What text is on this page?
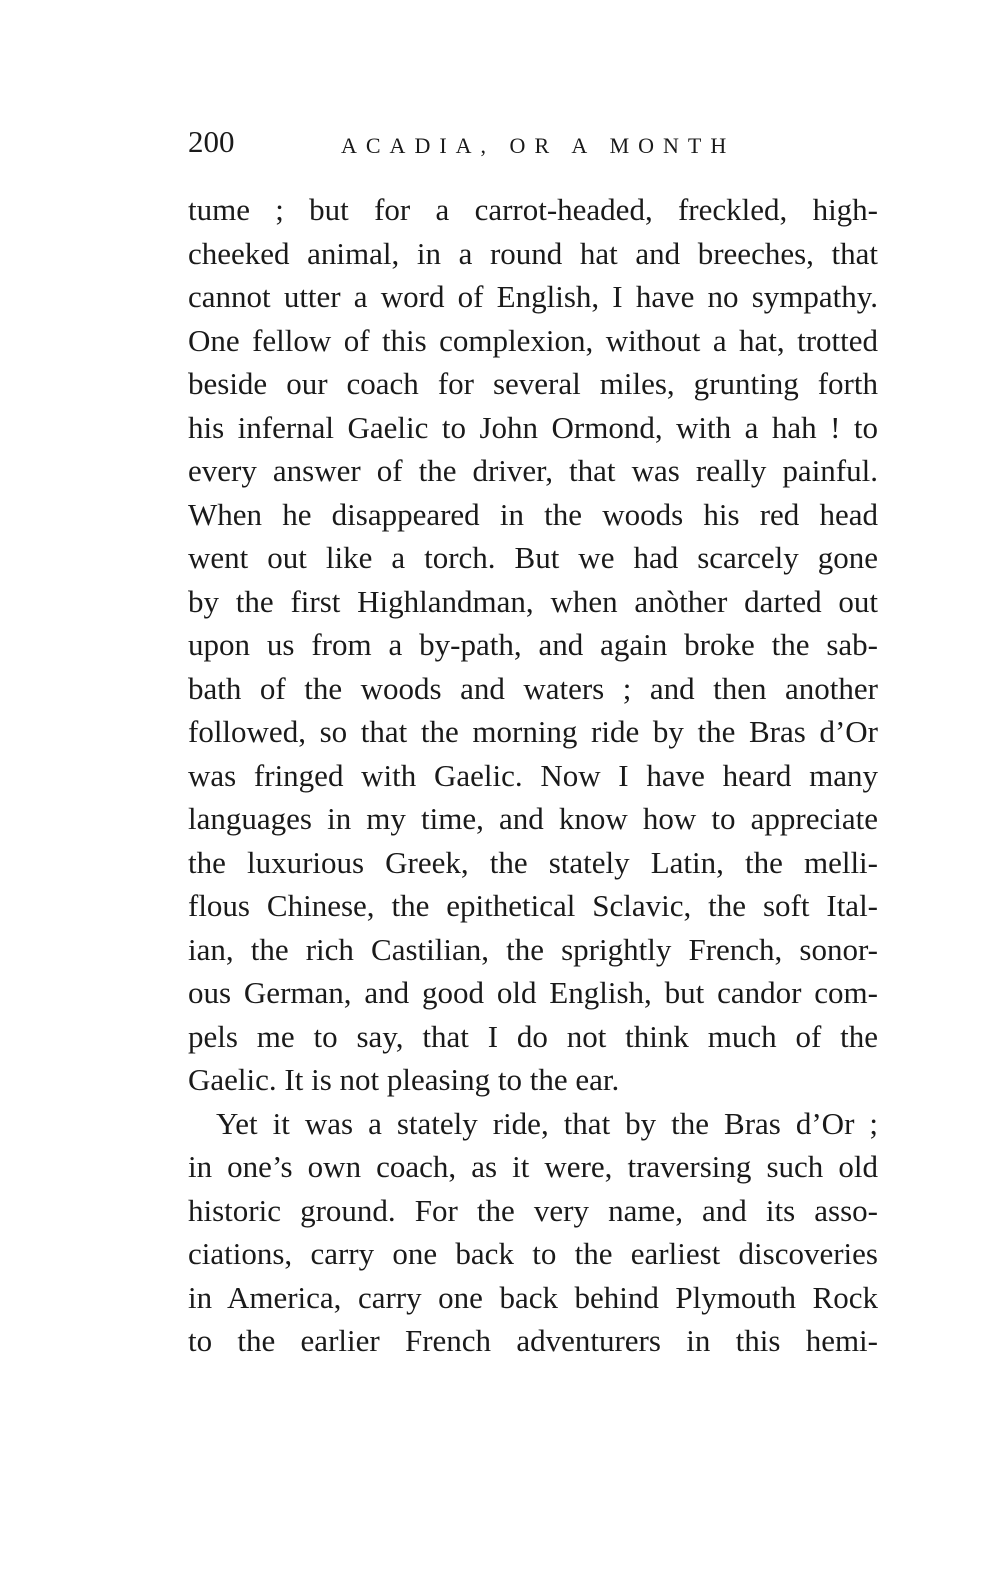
200	ACADIA, OR A MONTH
tume ; but for a carrot-headed, freckled, high-
cheeked animal, in a round hat and breeches, that
cannot utter a word of English, I have no sympathy.
One fellow of this complexion, without a hat, trotted
beside our coach for several miles, grunting forth
his infernal Gaelic to John Ormond, with a hah ! to
every answer of the driver, that was really painful.
When he disappeared in the woods his red head
went out like a torch. But we had scarcely gone
by the first Highlandman, when anòther darted out
upon us from a by-path, and again broke the sab-
bath of the woods and waters ; and then another
followed, so that the morning ride by the Bras d’Or
was fringed with Gaelic. Now I have heard many
languages in my time, and know how to appreciate
the luxurious Greek, the stately Latin, the melli-
flous Chinese, the epithetical Sclavic, the soft Ital-
ian, the rich Castilian, the sprightly French, sonor-
ous German, and good old English, but candor com-
pels me to say, that I do not think much of the
Gaelic. It is not pleasing to the ear.
Yet it was a stately ride, that by the Bras d’Or ;
in one’s own coach, as it were, traversing such old
historic ground. For the very name, and its asso-
ciations, carry one back to the earliest discoveries
in America, carry one back behind Plymouth Rock
to the earlier French adventurers in this hemi-
